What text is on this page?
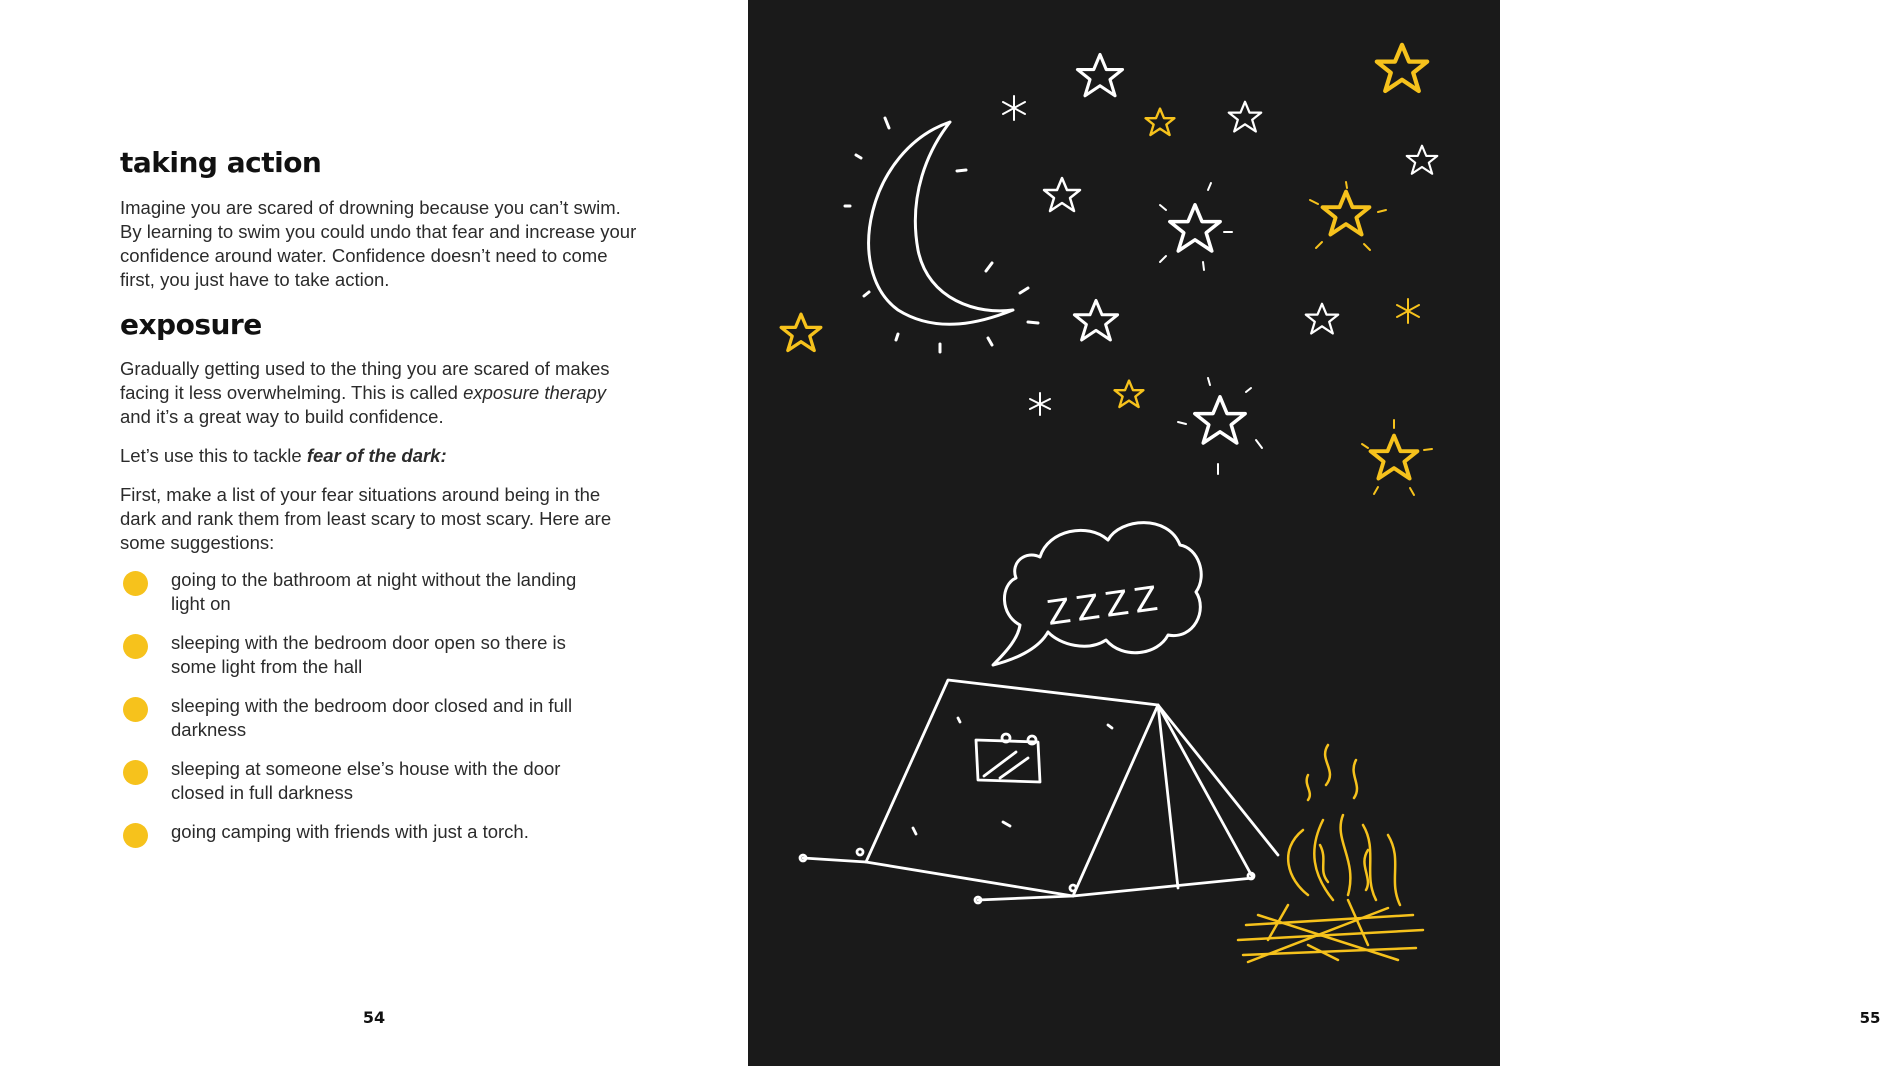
taking action

Imagine you are scared of drowning because you can’t swim. By learning to swim you could undo that fear and increase your confidence around water. Confidence doesn’t need to come first, you just have to take action.

exposure

Gradually getting used to the thing you are scared of makes facing it less overwhelming. This is called exposure therapy and it’s a great way to build confidence.

Let’s use this to tackle fear of the dark:

First, make a list of your fear situations around being in the dark and rank them from least scary to most scary. Here are some suggestions:

going to the bathroom at night without the landing light on
sleeping with the bedroom door open so there is some light from the hall
sleeping with the bedroom door closed and in full darkness
sleeping at someone else’s house with the door closed in full darkness
going camping with friends with just a torch.
54
ZZZZ
55
